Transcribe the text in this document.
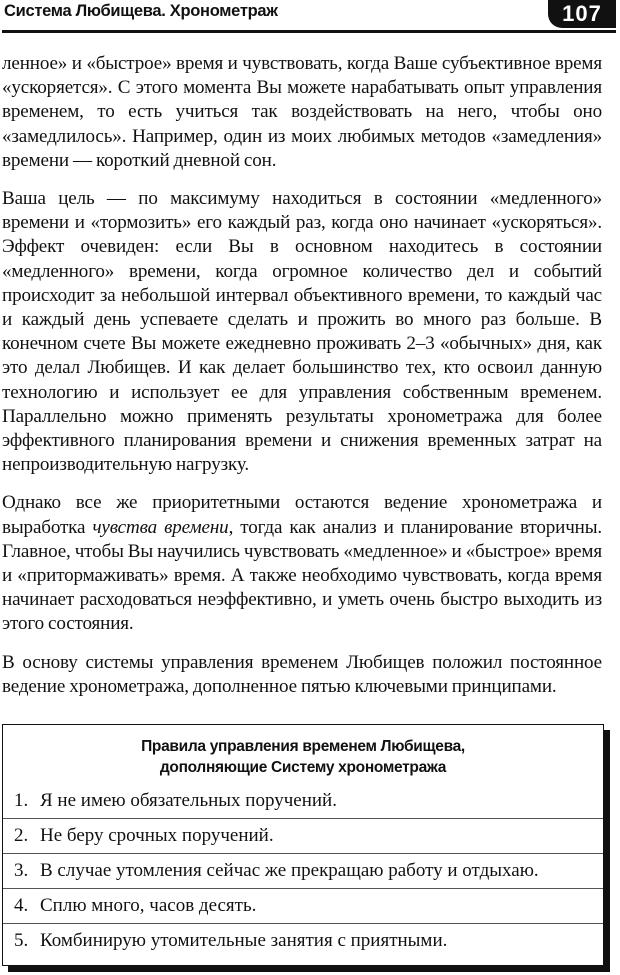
Система Любищева. Хронометраж	107

ленное» и «быстрое» время и чувствовать, когда Ваше субъективное время «ускоряется». С этого момента Вы можете нарабатывать опыт управления временем, то есть учиться так воздействовать на него, чтобы оно «замедлилось». Например, один из моих любимых методов «замедления» времени — короткий дневной сон.

Ваша цель — по максимуму находиться в состоянии «медленного» времени и «тормозить» его каждый раз, когда оно начинает «ускоряться». Эффект очевиден: если Вы в основном находитесь в состоянии «медленного» времени, когда огромное количество дел и событий происходит за небольшой интервал объективного времени, то каждый час и каждый день успеваете сделать и прожить во много раз больше. В конечном счете Вы можете ежедневно проживать 2–3 «обычных» дня, как это делал Любищев. И как делает большинство тех, кто освоил данную технологию и использует ее для управления собственным временем. Параллельно можно применять результаты хронометража для более эффективного планирования времени и снижения временных затрат на непроизводительную нагрузку.

Однако все же приоритетными остаются ведение хронометража и выработка чувства времени, тогда как анализ и планирование вторичны. Главное, чтобы Вы научились чувствовать «медленное» и «быстрое» время и «притормаживать» время. А также необходимо чувствовать, когда время начинает расходоваться неэффективно, и уметь очень быстро выходить из этого состояния.

В основу системы управления временем Любищев положил постоянное ведение хронометража, дополненное пятью ключевыми принципами.

Правила управления временем Любищева,
дополняющие Систему хронометража
1. Я не имею обязательных поручений.
2. Не беру срочных поручений.
3. В случае утомления сейчас же прекращаю работу и отдыхаю.
4. Сплю много, часов десять.
5. Комбинирую утомительные занятия с приятными.
